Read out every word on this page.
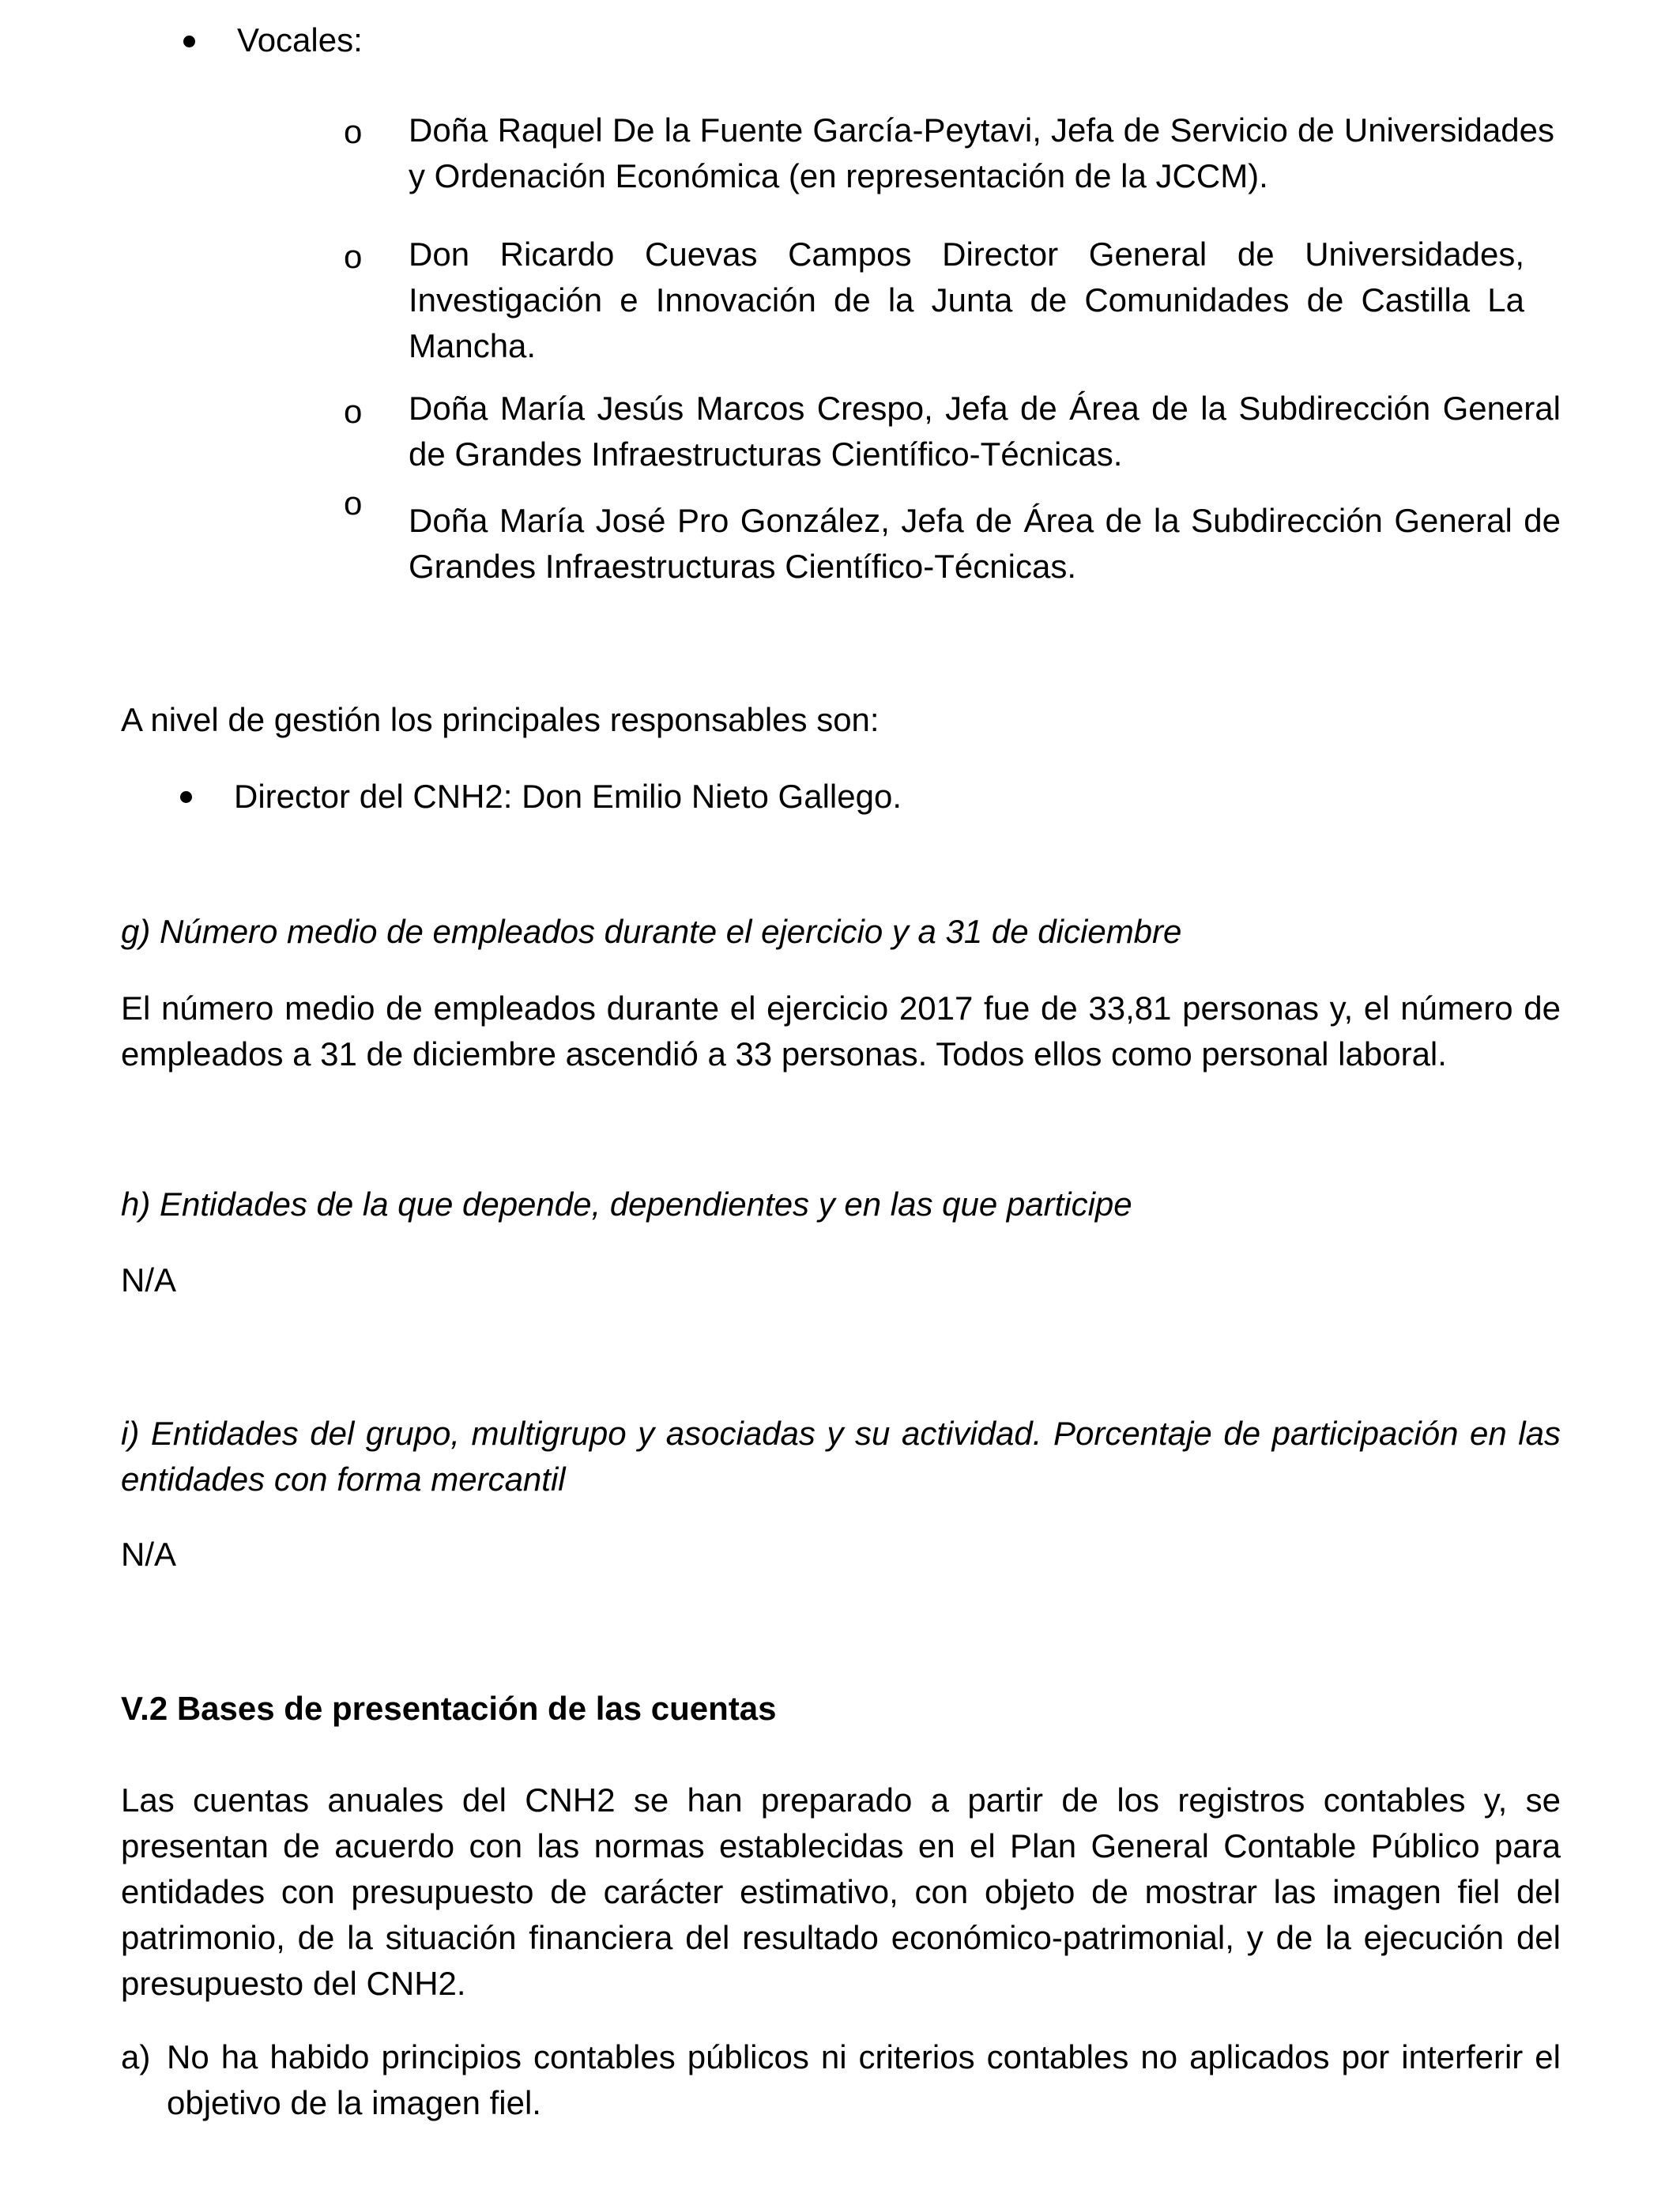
Vocales:

o Doña Raquel De la Fuente García-Peytavi, Jefa de Servicio de Universidades y Ordenación Económica (en representación de la JCCM).

o Don Ricardo Cuevas Campos Director General de Universidades, Investigación e Innovación de la Junta de Comunidades de Castilla La Mancha.

o Doña María Jesús Marcos Crespo, Jefa de Área de la Subdirección General de Grandes Infraestructuras Científico-Técnicas.

o Doña María José Pro González, Jefa de Área de la Subdirección General de Grandes Infraestructuras Científico-Técnicas.

A nivel de gestión los principales responsables son:

Director del CNH2: Don Emilio Nieto Gallego.

g) Número medio de empleados durante el ejercicio y a 31 de diciembre

El número medio de empleados durante el ejercicio 2017 fue de 33,81 personas y, el número de empleados a 31 de diciembre ascendió a 33 personas. Todos ellos como personal laboral.

h) Entidades de la que depende, dependientes y en las que participe

N/A

i) Entidades del grupo, multigrupo y asociadas y su actividad. Porcentaje de participación en las entidades con forma mercantil

N/A

V.2 Bases de presentación de las cuentas

Las cuentas anuales del CNH2 se han preparado a partir de los registros contables y, se presentan de acuerdo con las normas establecidas en el Plan General Contable Público para entidades con presupuesto de carácter estimativo, con objeto de mostrar las imagen fiel del patrimonio, de la situación financiera del resultado económico-patrimonial, y de la ejecución del presupuesto del CNH2.

a) No ha habido principios contables públicos ni criterios contables no aplicados por interferir el objetivo de la imagen fiel.
